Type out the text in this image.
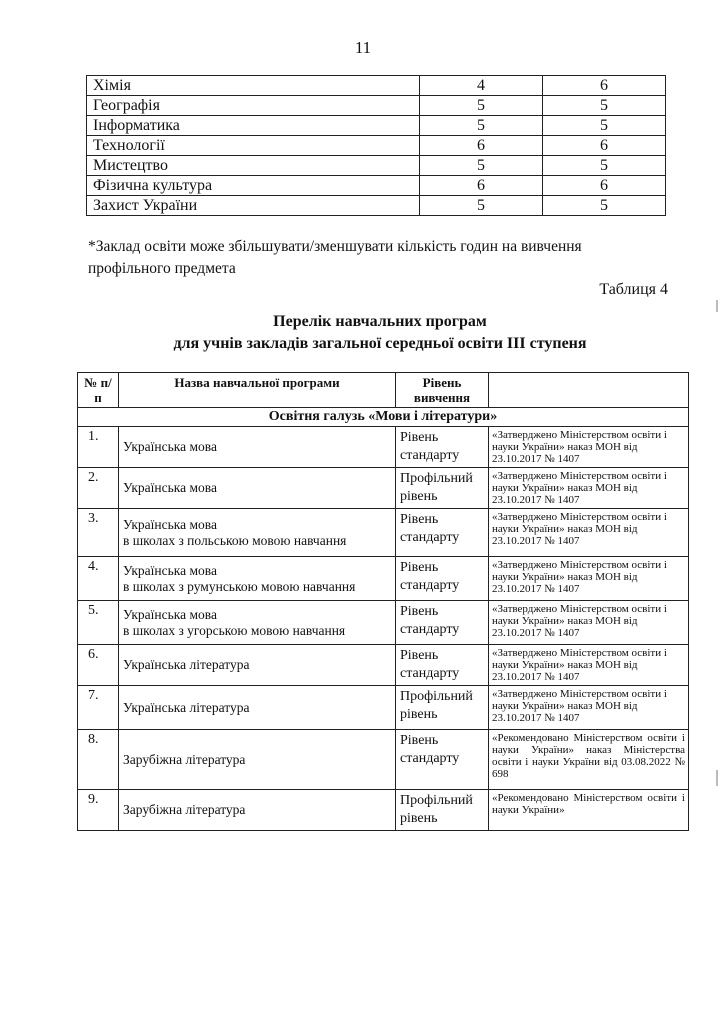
11
Хімія	4	6
Географія	5	5
Інформатика	5	5
Технології	6	6
Мистецтво	5	5
Фізична культура	6	6
Захист України	5	5
*Заклад освіти може збільшувати/зменшувати кількість годин на вивчення профільного предмета
Таблиця 4
Перелік навчальних програм
для учнів закладів загальної середньої освіти III ступеня
№ п/п	Назва навчальної програми	Рівень вивчення	
Освітня галузь «Мови і літератури»			
1.	Українська мова	Рівень стандарту	«Затверджено Міністерством освіти і науки України» наказ МОН від 23.10.2017 № 1407
2.	Українська мова	Профільний рівень	«Затверджено Міністерством освіти і науки України» наказ МОН від 23.10.2017 № 1407
3.	Українська мова
в школах з польською мовою навчання	Рівень стандарту	«Затверджено Міністерством освіти і науки України» наказ МОН від 23.10.2017 № 1407
4.	Українська мова
в школах з румунською мовою навчання	Рівень стандарту	«Затверджено Міністерством освіти і науки України» наказ МОН від 23.10.2017 № 1407
5.	Українська мова
в школах з угорською мовою навчання	Рівень стандарту	«Затверджено Міністерством освіти і науки України» наказ МОН від 23.10.2017 № 1407
6.	Українська література	Рівень стандарту	«Затверджено Міністерством освіти і науки України» наказ МОН від 23.10.2017 № 1407
7.	Українська література	Профільний рівень	«Затверджено Міністерством освіти і науки України» наказ МОН від 23.10.2017 № 1407
8.	Зарубіжна література	Рівень стандарту	«Рекомендовано Міністерством освіти і науки України» наказ Міністерства освіти і науки України від 03.08.2022 № 698
9.	Зарубіжна література	Профільний рівень	«Рекомендовано Міністерством освіти і науки України»
